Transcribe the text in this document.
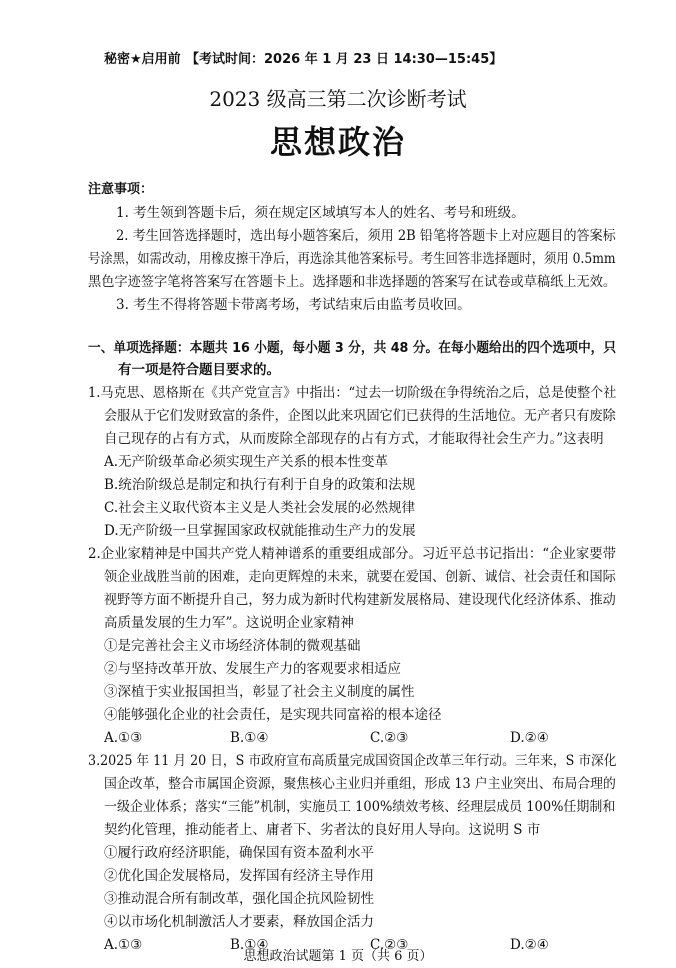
秘密★启用前 【考试时间：2026 年 1 月 23 日 14:30—15:45】
2023 级高三第二次诊断考试
思想政治
注意事项：
1. 考生领到答题卡后，须在规定区域填写本人的姓名、考号和班级。
2. 考生回答选择题时，选出每小题答案后，须用 2B 铅笔将答题卡上对应题目的答案标
号涂黑，如需改动，用橡皮擦干净后，再选涂其他答案标号。考生回答非选择题时，须用 0.5mm
黑色字迹签字笔将答案写在答题卡上。选择题和非选择题的答案写在试卷或草稿纸上无效。
3. 考生不得将答题卡带离考场，考试结束后由监考员收回。
一、单项选择题：本题共 16 小题，每小题 3 分，共 48 分。在每小题给出的四个选项中，只
有一项是符合题目要求的。
1.马克思、恩格斯在《共产党宣言》中指出：“过去一切阶级在争得统治之后，总是使整个社
会服从于它们发财致富的条件，企图以此来巩固它们已获得的生活地位。无产者只有废除
自己现存的占有方式，从而废除全部现存的占有方式，才能取得社会生产力。”这表明
A.无产阶级革命必须实现生产关系的根本性变革
B.统治阶级总是制定和执行有利于自身的政策和法规
C.社会主义取代资本主义是人类社会发展的必然规律
D.无产阶级一旦掌握国家政权就能推动生产力的发展
2.企业家精神是中国共产党人精神谱系的重要组成部分。习近平总书记指出：“企业家要带
领企业战胜当前的困难，走向更辉煌的未来，就要在爱国、创新、诚信、社会责任和国际
视野等方面不断提升自己，努力成为新时代构建新发展格局、建设现代化经济体系、推动
高质量发展的生力军”。这说明企业家精神
①是完善社会主义市场经济体制的微观基础
②与坚持改革开放、发展生产力的客观要求相适应
③深植于实业报国担当，彰显了社会主义制度的属性
④能够强化企业的社会责任，是实现共同富裕的根本途径
A.①③	B.①④	C.②③	D.②④
3.2025 年 11 月 20 日，S 市政府宣布高质量完成国资国企改革三年行动。三年来，S 市深化
国企改革，整合市属国企资源，聚焦核心主业归并重组，形成 13 户主业突出、布局合理的
一级企业体系；落实“三能”机制，实施员工 100%绩效考核、经理层成员 100%任期制和
契约化管理，推动能者上、庸者下、劣者汰的良好用人导向。这说明 S 市
①履行政府经济职能，确保国有资本盈利水平
②优化国企发展格局，发挥国有经济主导作用
③推动混合所有制改革，强化国企抗风险韧性
④以市场化机制激活人才要素，释放国企活力
A.①③	B.①④	C.②③	D.②④
思想政治试题第 1 页（共 6 页）
